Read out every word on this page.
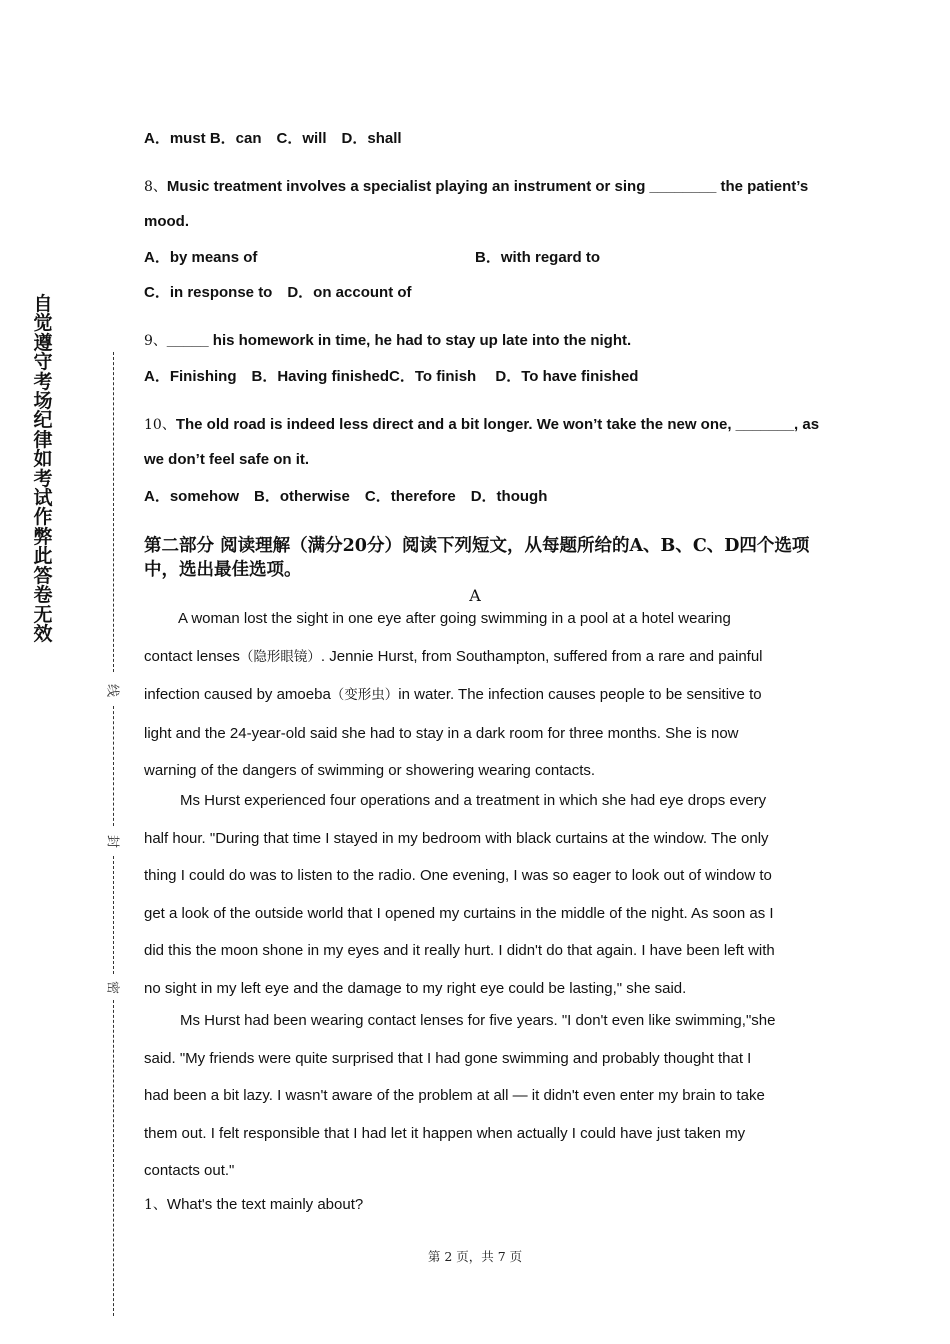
自觉遵守考场纪律如考试作弊此答卷无效
线
封
密
A．must B．can　C．will　D．shall
8、Music treatment involves a specialist playing an instrument or sing ________ the patient’s
mood.
A．by means of	B．with regard to
C．in response to　D．on account of
9、_____ his homework in time, he had to stay up late into the night.
A．Finishing　B．Having finishedC．To finish　 D．To have finished
10、The old road is indeed less direct and a bit longer. We won’t take the new one, _______, as
we don’t feel safe on it.
A．somehow　B．otherwise　C．therefore　D．though
第二部分 阅读理解（满分20分）阅读下列短文，从每题所给的A、B、C、D四个选项中，选出最佳选项。
A
A woman lost the sight in one eye after going swimming in a pool at a hotel wearing
contact lenses（隐形眼镜）. Jennie Hurst, from Southampton, suffered from a rare and painful
infection caused by amoeba（变形虫）in water. The infection causes people to be sensitive to
light and the 24-year-old said she had to stay in a dark room for three months. She is now
warning of the dangers of swimming or showering wearing contacts.
Ms Hurst experienced four operations and a treatment in which she had eye drops every
half hour. "During that time I stayed in my bedroom with black curtains at the window. The only
thing I could do was to listen to the radio. One evening, I was so eager to look out of window to
get a look of the outside world that I opened my curtains in the middle of the night. As soon as I
did this the moon shone in my eyes and it really hurt. I didn't do that again. I have been left with
no sight in my left eye and the damage to my right eye could be lasting," she said.
Ms Hurst had been wearing contact lenses for five years. "I don't even like swimming,"she
said. "My friends were quite surprised that I had gone swimming and probably thought that I
had been a bit lazy. I wasn't aware of the problem at all — it didn't even enter my brain to take
them out. I felt responsible that I had let it happen when actually I could have just taken my
contacts out."
1、What's the text mainly about?
第 2 页，共 7 页
